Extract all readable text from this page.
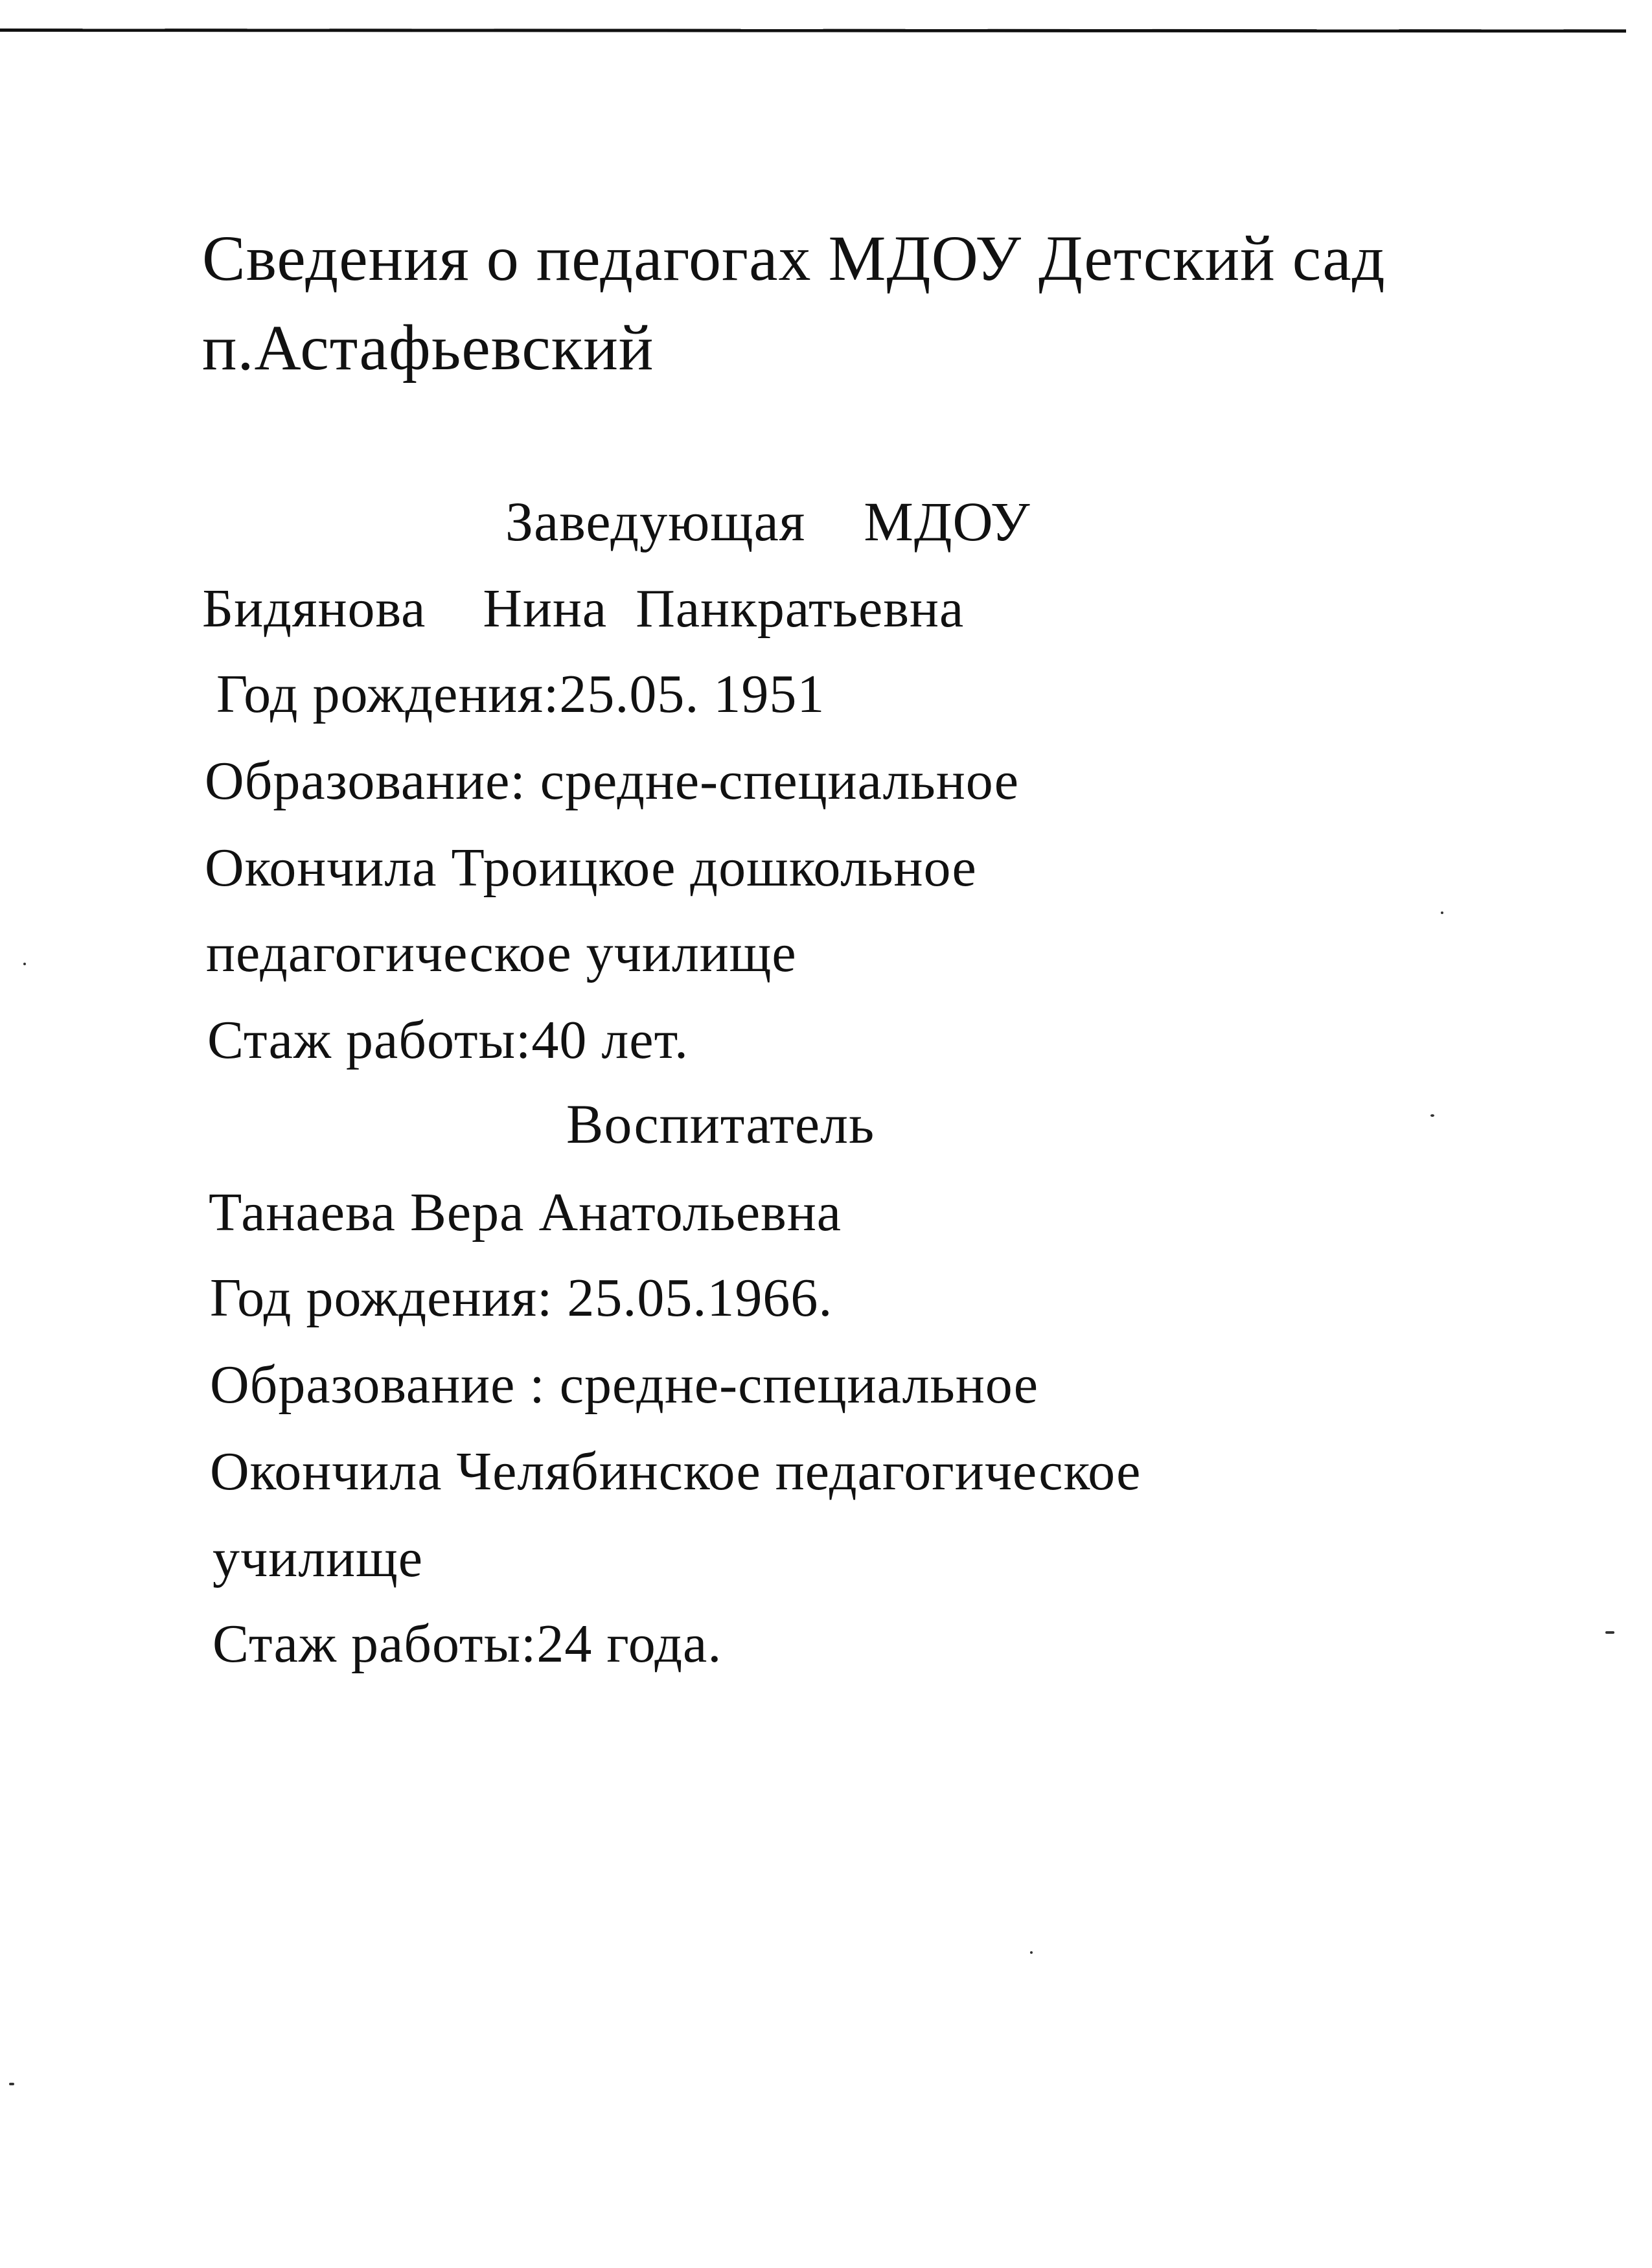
Сведения о педагогах МДОУ Детский сад
п.Астафьевский
Заведующая МДОУ
Бидянова Нина Панкратьевна
Год рождения:25.05. 1951
Образование: средне-специальное
Окончила Троицкое дошкольное
педагогическое училище
Стаж работы:40 лет.
Воспитатель
Танаева Вера Анатольевна
Год рождения: 25.05.1966.
Образование : средне-специальное
Окончила Челябинское педагогическое
училище
Стаж работы:24 года.
